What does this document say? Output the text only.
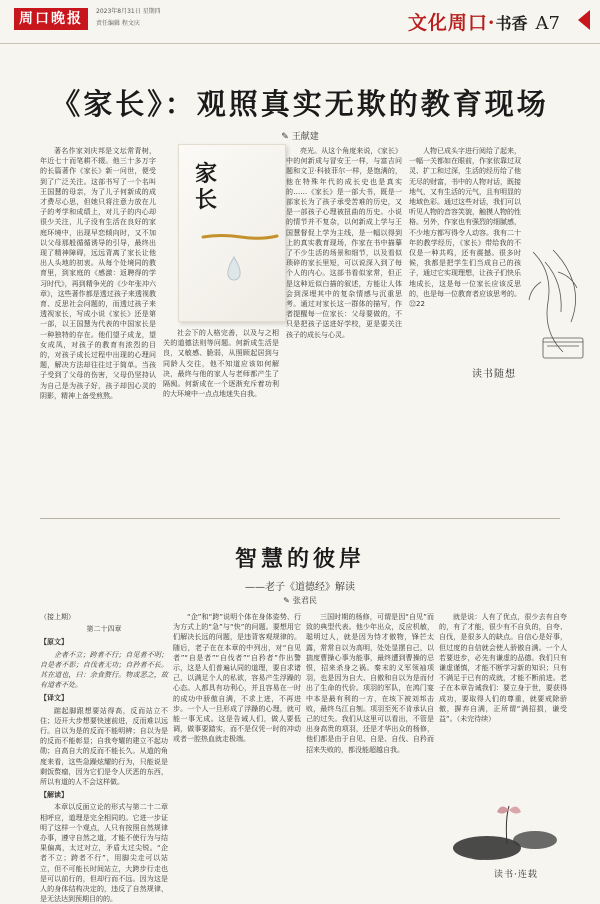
周口晚报	2023年8月31日 星期四
责任编辑 程文庆	文化周口 · 书香 A7
《家长》：观照真实无欺的教育现场
✎ 王献建
著名作家刘庆邦是文坛常青树，年近七十而笔耕不辍。他三十多万字的长篇著作《家长》新一问世，便受到了广泛关注。这部书写了一个名叫王国慧的母亲，为了儿子何新成的成才费尽心思，但她只将注意力放在儿子的考学和成绩上，对儿子的内心却很少关注，儿子没有生活在良好的家庭环境中，出现早恋倾向时，又不加以父母那般循循诱导的引导，最终出现了精神障碍，远远背离了家长让他出人头地的初衷。从每个处境同的教育里，到家庭的《感激：返聘得的学习时代》，再到精争光的《少年张冲六章》，这些著作都是透过孩子来透视教育、反思社会问题的，而透过孩子来透视家长，写成小说《家长》还是第一部，以王国慧为代表的中国家长是一种独特的存在。他们望子成龙，望女成凤，对孩子的教育有浓烈的目的，对孩子成长过程中出现的心理问题，解决方法却往往过于简单。当孩子受到了父母的伤害，父母仍坚持认为自己是为孩子好，孩子却因心灵的阴影，精神上备受煎熬。
家长
社会下的人格完善，以及与之相关的道德法则等问题。何新成生活是良，又敏感、脆弱，从照顾起居到与同龄人交往，他不知道应该如何解决，最终与他的家人与老师都产生了隔阂。何新成在一个逐渐充斥着功利的大环境中一点点地迷失自我。
亮光。从这个角度来说，《家长》中的何新成与冒安王一样，与富吉问题和文卫·科彼菲尔一样，是饱满的，他在特殊年代的成长史也是真实的……《家长》是一部大书，既是一部家长为了孩子承受苦难的历史，又是一部孩子心理被扭曲的历史。小说的情节并不复杂，以何新成上学与王国慧督促上学为主线，是一幅以得到上的真实教育现场，作家在书中描摹了不少生活的场景和细节，以及看似琐碎的家长里短，可以说深入到了每个人的内心。这部书看似家常，但正是这种近似白描的叙述，方能让人体会到深埋其中的复杂情感与沉重思考。通过对家长这一群体的描写，作者提醒每一位家长：父母要做的，不只是把孩子送进好学校，更是要关注孩子的成长与心灵。
人物已成头字进行阅给了起来，一幅一关都如在眼前，作家依靠过双灵、扩工和过深，生活的经历给了他无尽的财富，书中的人物对话，既接地气，又有生活的元气，且有明显的地域色彩。通过这些对话，我们可以听见人物的音容笑貌，触摸人物的性格。另外，作家也有强烈的细腻感，不少地方都写得令人动容。我有二十年的教学经历，《家长》带给我的不仅是一种共鸣，还有震撼。很多时候，我都是把学生们当成自己的孩子，通过它实现理想，让孩子们快乐地成长，这是每一位家长应该反思的，也是每一位教育者应该思考的。㉒22
读书随想
智慧的彼岸
——老子《道德经》解读
✎ 张君民

（接上期）

第二十四章

【原文】

企者不立；跨者不行；自见者不明；自是者不彰；自伐者无功；自矜者不长。其在道也，曰：余食赘行。物或恶之，故有道者不处。

【译文】

踮起脚跟想要站得高，反而站立不住；迈开大步想要快速前进，反而难以远行。自以为是的反而不能明辨；自以为是的反而不能彰显；自我夸耀的建立不起功勋；自高自大的反而不能长久。从道的角度来看，这些急躁炫耀的行为，只能说是剩饭赘瘤，因为它们是令人厌恶的东西，所以有道的人不会这样做。

【解读】

本章以反面立论的形式与第二十二章相呼应，道理是完全相同的。它进一步证明了这样一个观点，人只有按照自然规律办事，遵守自然之道，才能不使行为与结果偏离，太过对立，矛盾太过尖锐。“企者不立；跨者不行”，用脚尖走可以站立，但不可能长时间站立，大跨步行走也是可以前行的，但却行而不远。因为这是人的身体结构决定的，违反了自然规律，是无法达到预期目的的。

“企”和“跨”说明个体在身体姿势、行为方式上的“急”与“快”的问题。要想用它们解决长远的问题，是违背客观规律的。随后，老子在在本章的中列出，对“自见者”“自是者”“自伐者”“自矜者”作出警示，这是人们普遍认同的道理，要自求诸己，以满足个人的私欲，容易产生浮躁的心态。人都具有功利心，并且容易在一时的成功中骄傲自满，不求上进，不再进步。一个人一旦形成了浮躁的心理，就可能一事无成。这是告诫人们，做人要低调，做事要踏实，而不是仅凭一时的冲动或者一腔热血就走极端。
三国时期的杨修，可谓是因“自见”而致的典型代表。他少年出众，反应机敏，聪明过人，就是因为恃才傲物，锋芒太露，常常自以为高明，处处显摆自己，以揣度曹操心事为能事，最终遭到曹操的忌恨，招来杀身之祸。秦末的义军领袖项羽，也是因为自大、自傲和自以为是而付出了生命的代价。项羽的军队，在鸿门宴中本是最有利的一方，在垓下被刘邦击败，最终乌江自刎。项羽至死不肯承认自己的过失。我们从这里可以看出，不管是出身高贵的项羽，还是才华出众的杨修，他们都是由于自见、自是、自伐、自矜而招来失败的，都没能超越自我。
就是说：人有了优点，很少去有自夸的，有了才能，很少有不自负的，自夸、自伐，是很多人的缺点。自信心是好事，但过度的自信就会使人骄傲自满。一个人若要进步，必先有谦虚的品德。我们只有谦虚谨慎，才能不断学习新的知识；只有不满足于已有的成就，才能不断前进。老子在本章告诫我们：要立身于世，要获得成功，要取得人们的尊重，就要戒除骄傲，摒弃自满，正所谓“满招损，谦受益”。（未完待续）
读书·连载
